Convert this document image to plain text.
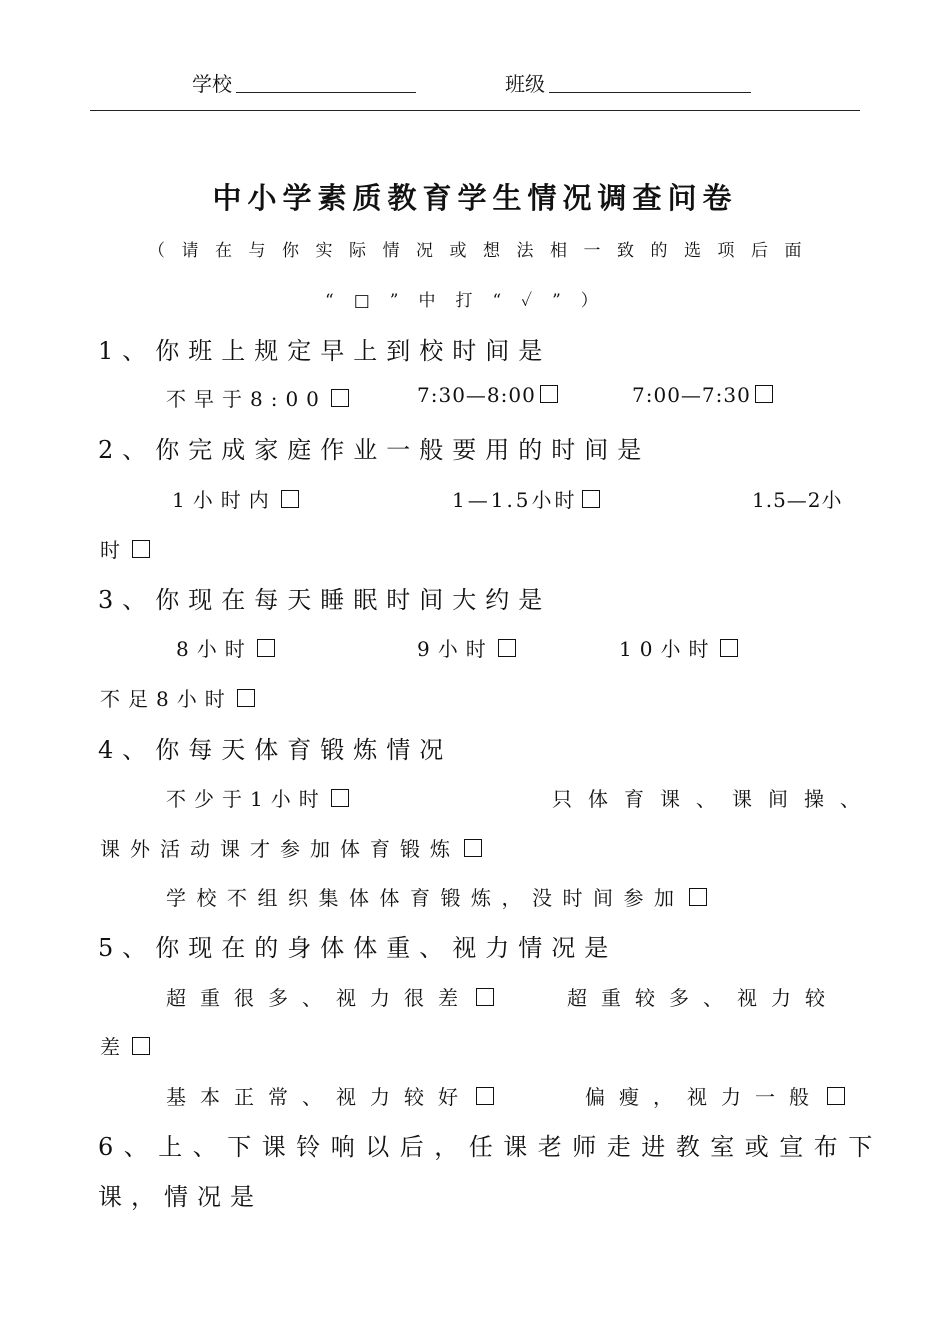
学校	班级
中小学素质教育学生情况调查问卷
（请在与你实际情况或想法相一致的选项后面
“□”中打“✓”）
1、你班上规定早上到校时间是
不早于8:00	7:30—8:00	7:00—7:30
2、你完成家庭作业一般要用的时间是
1小时内	1—1.5小时	1.5—2小
时
3、你现在每天睡眠时间大约是
8小时	9小时	10小时
不足8小时
4、你每天体育锻炼情况
不少于1小时	只体育课、课间操、
课外活动课才参加体育锻炼
学校不组织集体体育锻炼，没时间参加
5、你现在的身体体重、视力情况是
超重很多、视力很差	超重较多、视力较
差
基本正常、视力较好	偏瘦，视力一般
6、上、下课铃响以后，任课老师走进教室或宣布下
课，情况是
